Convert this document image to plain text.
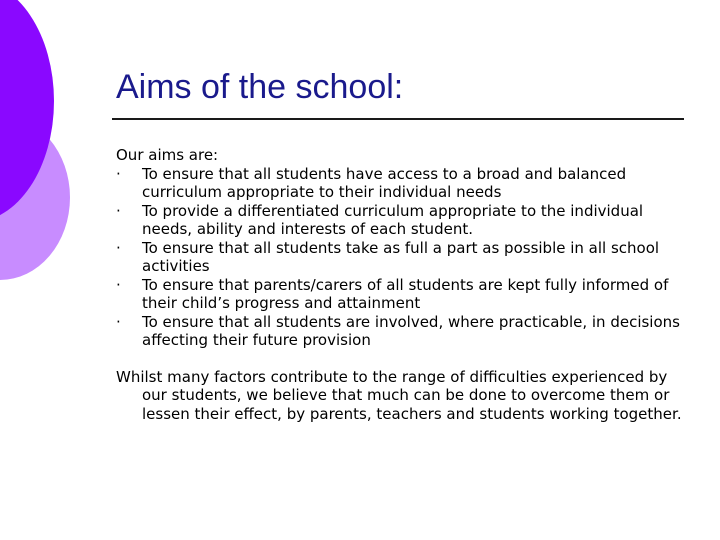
Aims of the school:

Our aims are:

· To ensure that all students have access to a broad and balanced curriculum appropriate to their individual needs
· To provide a differentiated curriculum appropriate to the individual needs, ability and interests of each student.
· To ensure that all students take as full a part as possible in all school activities
· To ensure that parents/carers of all students are kept fully informed of their child’s progress and attainment
· To ensure that all students are involved, where practicable, in decisions affecting their future provision

Whilst many factors contribute to the range of difficulties experienced by our students, we believe that much can be done to overcome them or lessen their effect, by parents, teachers and students working together.
